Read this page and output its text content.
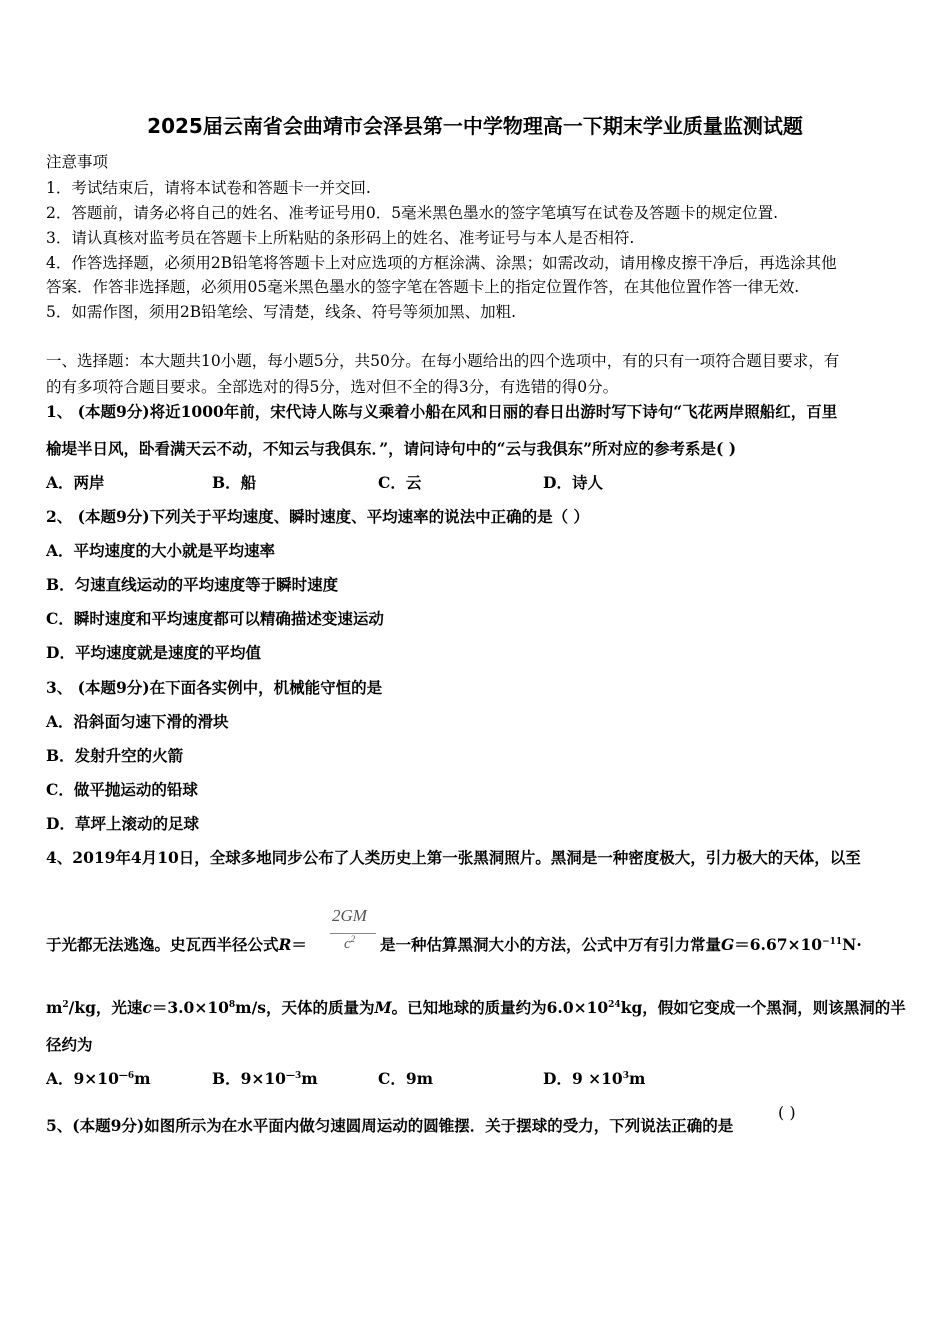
2025届云南省会曲靖市会泽县第一中学物理高一下期末学业质量监测试题
注意事项
1．考试结束后，请将本试卷和答题卡一并交回.
2．答题前，请务必将自己的姓名、准考证号用0．5毫米黑色墨水的签字笔填写在试卷及答题卡的规定位置.
3．请认真核对监考员在答题卡上所粘贴的条形码上的姓名、准考证号与本人是否相符.
4．作答选择题，必须用2B铅笔将答题卡上对应选项的方框涂满、涂黑；如需改动，请用橡皮擦干净后，再选涂其他
答案．作答非选择题，必须用05毫米黑色墨水的签字笔在答题卡上的指定位置作答，在其他位置作答一律无效.
5．如需作图，须用2B铅笔绘、写清楚，线条、符号等须加黑、加粗.
一、选择题：本大题共10小题，每小题5分，共50分。在每小题给出的四个选项中，有的只有一项符合题目要求，有
的有多项符合题目要求。全部选对的得5分，选对但不全的得3分，有选错的得0分。
1、 (本题9分)将近1000年前，宋代诗人陈与义乘着小船在风和日丽的春日出游时写下诗句“飞花两岸照船红，百里
榆堤半日风，卧看满天云不动，不知云与我俱东．”，请问诗句中的“云与我俱东”所对应的参考系是( )
A．两岸	B．船	C．云	D．诗人
2、 (本题9分)下列关于平均速度、瞬时速度、平均速率的说法中正确的是（ ）
A．平均速度的大小就是平均速率
B．匀速直线运动的平均速度等于瞬时速度
C．瞬时速度和平均速度都可以精确描述变速运动
D．平均速度就是速度的平均值
3、 (本题9分)在下面各实例中，机械能守恒的是
A．沿斜面匀速下滑的滑块
B．发射升空的火箭
C．做平抛运动的铅球
D．草坪上滚动的足球
4、2019年4月10日，全球多地同步公布了人类历史上第一张黑洞照片。黑洞是一种密度极大，引力极大的天体，以至
于光都无法逃逸。史瓦西半径公式R＝
2GM
$c^2$ 是一种估算黑洞大小的方法，公式中万有引力常量$G=6.67\times 10^{-11}N\cdot$
$m^2/kg$，光速$c=3.0\times 10^8m/s$，天体的质量为M。已知地球的质量约为$6.0\times 10^{24}kg$，假如它变成一个黑洞，则该黑洞的半
径约为
A．$9\times 10^{—6}m$	B．$9\times 10^{—3}m$	C．9m	D．$9 \times 10^3m$
5、(本题9分)如图所示为在水平面内做匀速圆周运动的圆锥摆．关于摆球的受力，下列说法正确的是
( )
